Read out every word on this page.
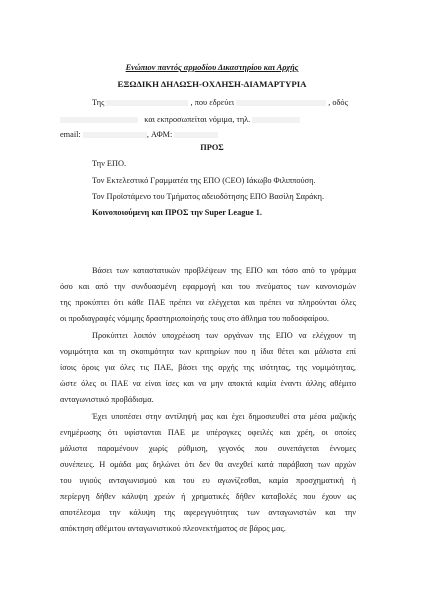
Ενώπιον παντός αρμοδίου Δικαστηρίου και Αρχής
ΕΞΩΔΙΚΗ ΔΗΛΩΣΗ-ΟΧΛΗΣΗ-ΔΙΑΜΑΡΤΥΡΙΑ
Της	, που εδρεύει	, οδός
και εκπροσωπείται νόμιμα, τηλ.
email:	, ΑΦΜ:
ΠΡΟΣ
Την ΕΠΟ.
Τον Εκτελεστικό Γραμματέα της ΕΠΟ (CEO) Ιάκωβο Φιλιππούση.
Τον Προϊστάμενο του Τμήματος αδειοδότησης ΕΠΟ Βασίλη Σαράκη.
Κοινοποιούμενη και ΠΡΟΣ την Super League 1.
Βάσει των καταστατικών προβλέψεων της ΕΠΟ και τόσο από το γράμμα
όσο και από την συνδυασμένη εφαρμογή και του πνεύματος των κανονισμών
της προκύπτει ότι κάθε ΠΑΕ πρέπει να ελέγχεται και πρέπει να πληρoύνται όλες
οι προδιαγραφές νόμιμης δραστηριοποίησής τους στο άθλημα του ποδοσφαίρου.
Προκύπτει λοιπόν υποχρέωση των οργάνων της ΕΠΟ να ελέγχουν τη
νομιμότητα και τη σκοπιμότητα των κριτηρίων που η ίδια θέτει και μάλιστα επί
ίσοις όροις για όλες τις ΠΑΕ, βάσει της αρχής της ισότητας, της νομιμότητας,
ώστε όλες οι ΠΑΕ να είναι ίσες και να μην αποκτά καμία έναντι άλλης αθέμιτο
ανταγωνιστικό προβάδισμα.
Έχει υποπέσει στην αντίληψή μας και έχει δημοσιευθεί στα μέσα μαζικής
ενημέρωσης ότι υφίστανται ΠΑΕ με υπέρογκες οφειλές και χρέη, οι οποίες
μάλιστα παραμένουν χωρίς ρύθμιση, γεγονός που συνεπάγεται έννομες
συνέπειες. Η ομάδα μας δηλώνει ότι δεν θα ανεχθεί κατά παράβαση των αρχών
του υγιούς ανταγωνισμού και του ευ αγωνίζεσθαι, καμία προσχηματική ή
περίεργη δήθεν κάλυψη χρεών ή χρηματικές δήθεν καταβολές που έχουν ως
αποτέλεσμα την κάλυψη της αφερεγγυότητας των ανταγωνιστών και την
απόκτηση αθέμιτου ανταγωνιστικού πλεονεκτήματος σε βάρος μας.
